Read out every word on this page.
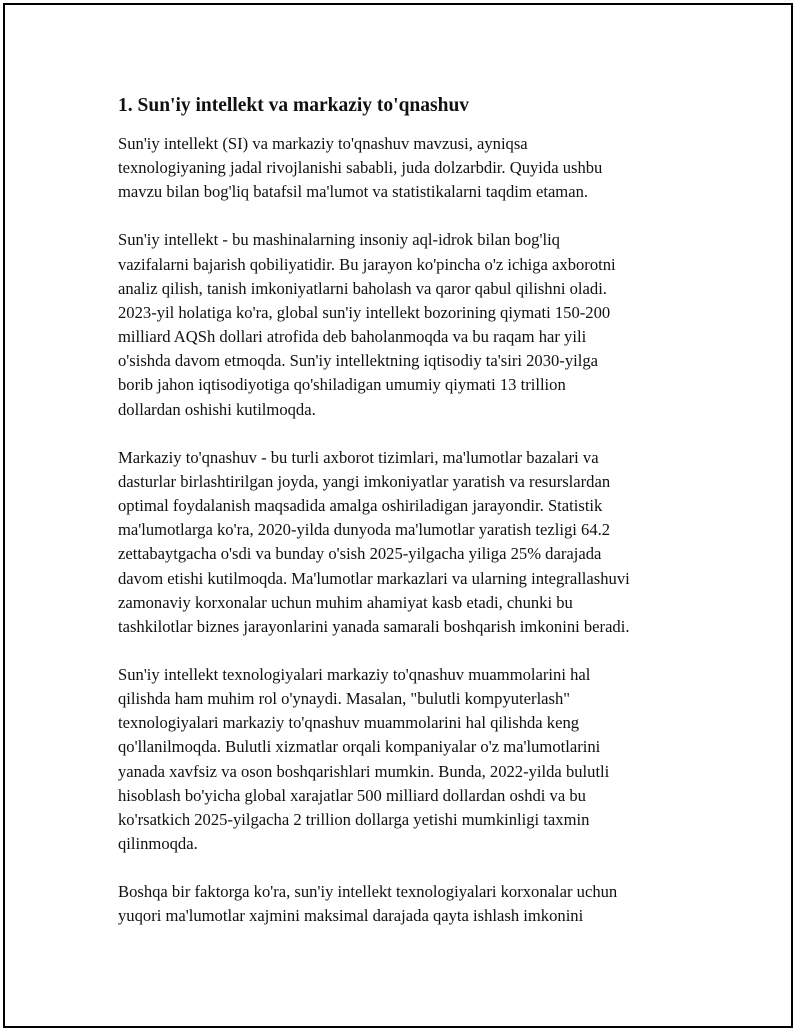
1. Sun'iy intellekt va markaziy to'qnashuv
Sun'iy intellekt (SI) va markaziy to'qnashuv mavzusi, ayniqsa
texnologiyaning jadal rivojlanishi sababli, juda dolzarbdir. Quyida ushbu
mavzu bilan bog'liq batafsil ma'lumot va statistikalarni taqdim etaman.
Sun'iy intellekt - bu mashinalarning insoniy aql-idrok bilan bog'liq
vazifalarni bajarish qobiliyatidir. Bu jarayon ko'pincha o'z ichiga axborotni
analiz qilish, tanish imkoniyatlarni baholash va qaror qabul qilishni oladi.
2023-yil holatiga ko'ra, global sun'iy intellekt bozorining qiymati 150-200
milliard AQSh dollari atrofida deb baholanmoqda va bu raqam har yili
o'sishda davom etmoqda. Sun'iy intellektning iqtisodiy ta'siri 2030-yilga
borib jahon iqtisodiyotiga qo'shiladigan umumiy qiymati 13 trillion
dollardan oshishi kutilmoqda.
Markaziy to'qnashuv - bu turli axborot tizimlari, ma'lumotlar bazalari va
dasturlar birlashtirilgan joyda, yangi imkoniyatlar yaratish va resurslardan
optimal foydalanish maqsadida amalga oshiriladigan jarayondir. Statistik
ma'lumotlarga ko'ra, 2020-yilda dunyoda ma'lumotlar yaratish tezligi 64.2
zettabaytgacha o'sdi va bunday o'sish 2025-yilgacha yiliga 25% darajada
davom etishi kutilmoqda. Ma'lumotlar markazlari va ularning integrallashuvi
zamonaviy korxonalar uchun muhim ahamiyat kasb etadi, chunki bu
tashkilotlar biznes jarayonlarini yanada samarali boshqarish imkonini beradi.
Sun'iy intellekt texnologiyalari markaziy to'qnashuv muammolarini hal
qilishda ham muhim rol o'ynaydi. Masalan, "bulutli kompyuterlash"
texnologiyalari markaziy to'qnashuv muammolarini hal qilishda keng
qo'llanilmoqda. Bulutli xizmatlar orqali kompaniyalar o'z ma'lumotlarini
yanada xavfsiz va oson boshqarishlari mumkin. Bunda, 2022-yilda bulutli
hisoblash bo'yicha global xarajatlar 500 milliard dollardan oshdi va bu
ko'rsatkich 2025-yilgacha 2 trillion dollarga yetishi mumkinligi taxmin
qilinmoqda.
Boshqa bir faktorga ko'ra, sun'iy intellekt texnologiyalari korxonalar uchun
yuqori ma'lumotlar xajmini maksimal darajada qayta ishlash imkonini
